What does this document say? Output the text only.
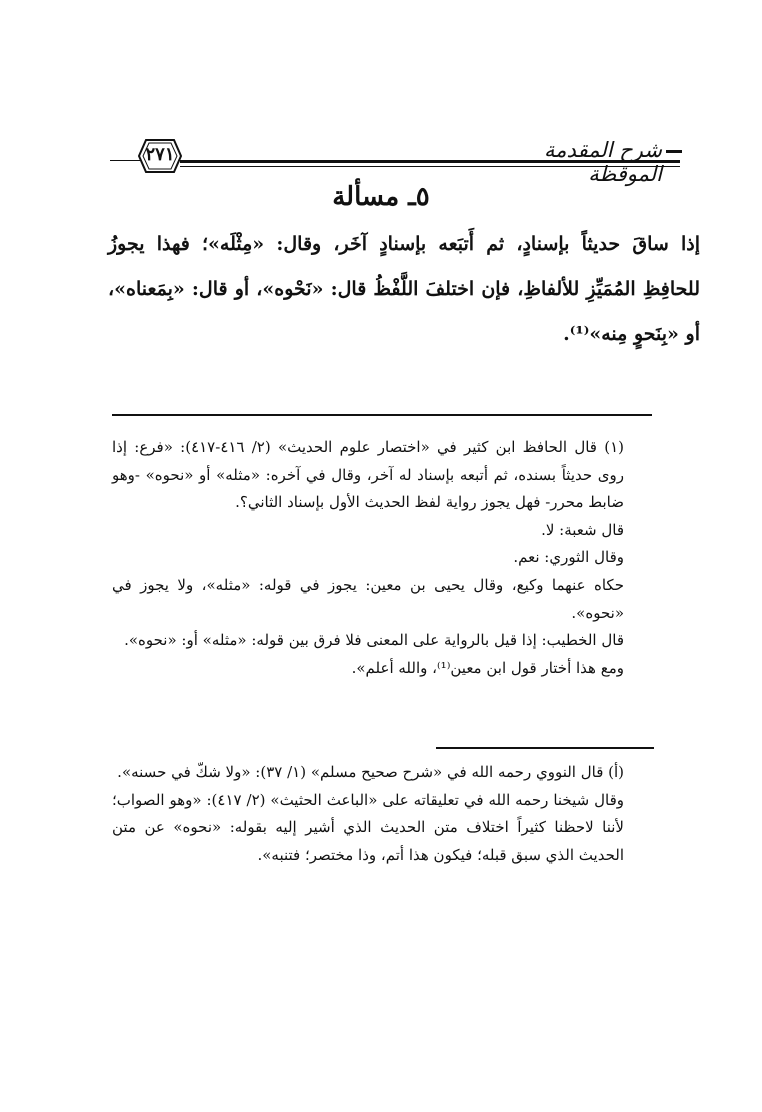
شرح المقدمة الموقظة
٢٧١
٥ـ مسألة

إذا ساقَ حديثاً بإسنادٍ، ثم أَتبَعه بإسنادٍ آخَر، وقال: «مِثْلَه»؛ فهذا يجوزُ للحافِظِ المُمَيِّزِ للألفاظِ، فإن اختلفَ اللَّفْظُ قال: «نَحْوه»، أو قال: «بِمَعناه»، أو «بِنَحوٍ مِنه»⁽¹⁾.

(١) قال الحافظ ابن كثير في «اختصار علوم الحديث» (٢/ ٤١٦-٤١٧): «فرع: إذا روى حديثاً بسنده، ثم أتبعه بإسناد له آخر، وقال في آخره: «مثله» أو «نحوه» -وهو ضابط محرر- فهل يجوز رواية لفظ الحديث الأول بإسناد الثاني؟.

قال شعبة: لا.

وقال الثوري: نعم.

حكاه عنهما وكيع، وقال يحيى بن معين: يجوز في قوله: «مثله»، ولا يجوز في «نحوه».

قال الخطيب: إذا قيل بالرواية على المعنى فلا فرق بين قوله: «مثله» أو: «نحوه».

ومع هذا أختار قول ابن معين⁽¹⁾، والله أعلم».

(أ) قال النووي رحمه الله في «شرح صحيح مسلم» (١/ ٣٧): «ولا شكّ في حسنه».

وقال شيخنا رحمه الله في تعليقاته على «الباعث الحثيث» (٢/ ٤١٧): «وهو الصواب؛ لأننا لاحظنا كثيراً اختلاف متن الحديث الذي أشير إليه بقوله: «نحوه» عن متن الحديث الذي سبق قبله؛ فيكون هذا أتم، وذا مختصر؛ فتنبه».
